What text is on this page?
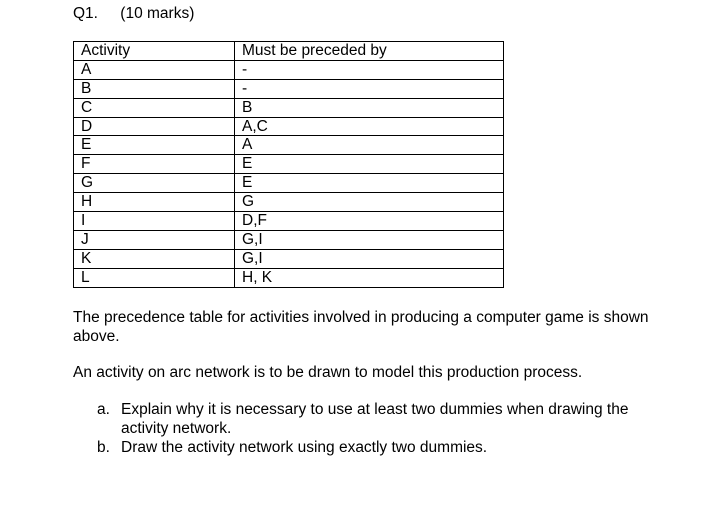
Q1. (10 marks)
Activity	Must be preceded by
A	-
B	-
C	B
D	A,C
E	A
F	E
G	E
H	G
I	D,F
J	G,I
K	G,I
L	H, K
The precedence table for activities involved in producing a computer game is shown above.
An activity on arc network is to be drawn to model this production process.
a. Explain why it is necessary to use at least two dummies when drawing the activity network.
b. Draw the activity network using exactly two dummies.
